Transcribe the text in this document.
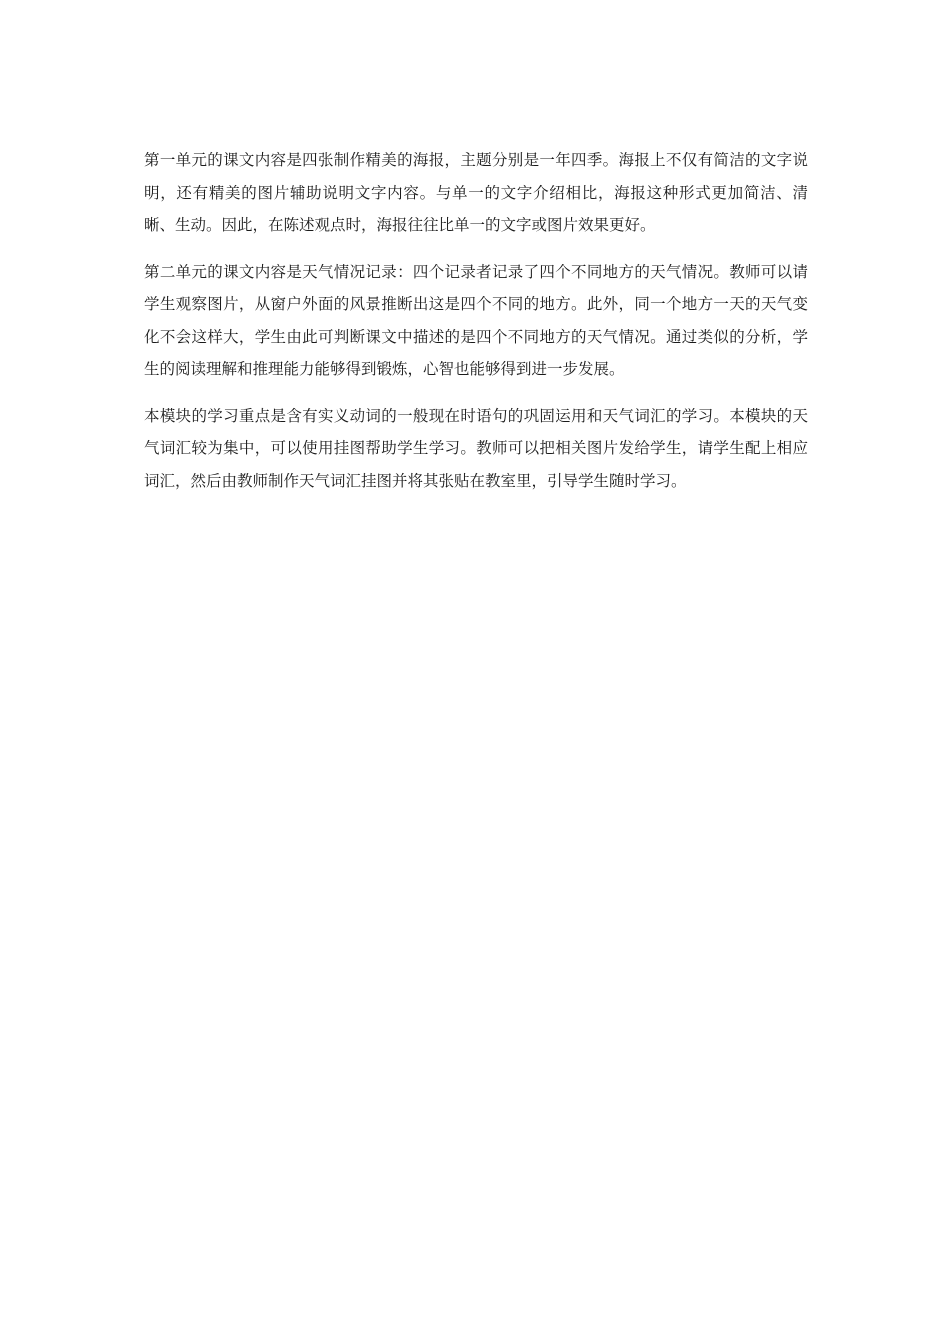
第一单元的课文内容是四张制作精美的海报，主题分别是一年四季。海报上不仅有简洁的文字说明，还有精美的图片辅助说明文字内容。与单一的文字介绍相比，海报这种形式更加简洁、清晰、生动。因此，在陈述观点时，海报往往比单一的文字或图片效果更好。

第二单元的课文内容是天气情况记录：四个记录者记录了四个不同地方的天气情况。教师可以请学生观察图片，从窗户外面的风景推断出这是四个不同的地方。此外，同一个地方一天的天气变化不会这样大，学生由此可判断课文中描述的是四个不同地方的天气情况。通过类似的分析，学生的阅读理解和推理能力能够得到锻炼，心智也能够得到进一步发展。

本模块的学习重点是含有实义动词的一般现在时语句的巩固运用和天气词汇的学习。本模块的天气词汇较为集中，可以使用挂图帮助学生学习。教师可以把相关图片发给学生，请学生配上相应词汇，然后由教师制作天气词汇挂图并将其张贴在教室里，引导学生随时学习。
